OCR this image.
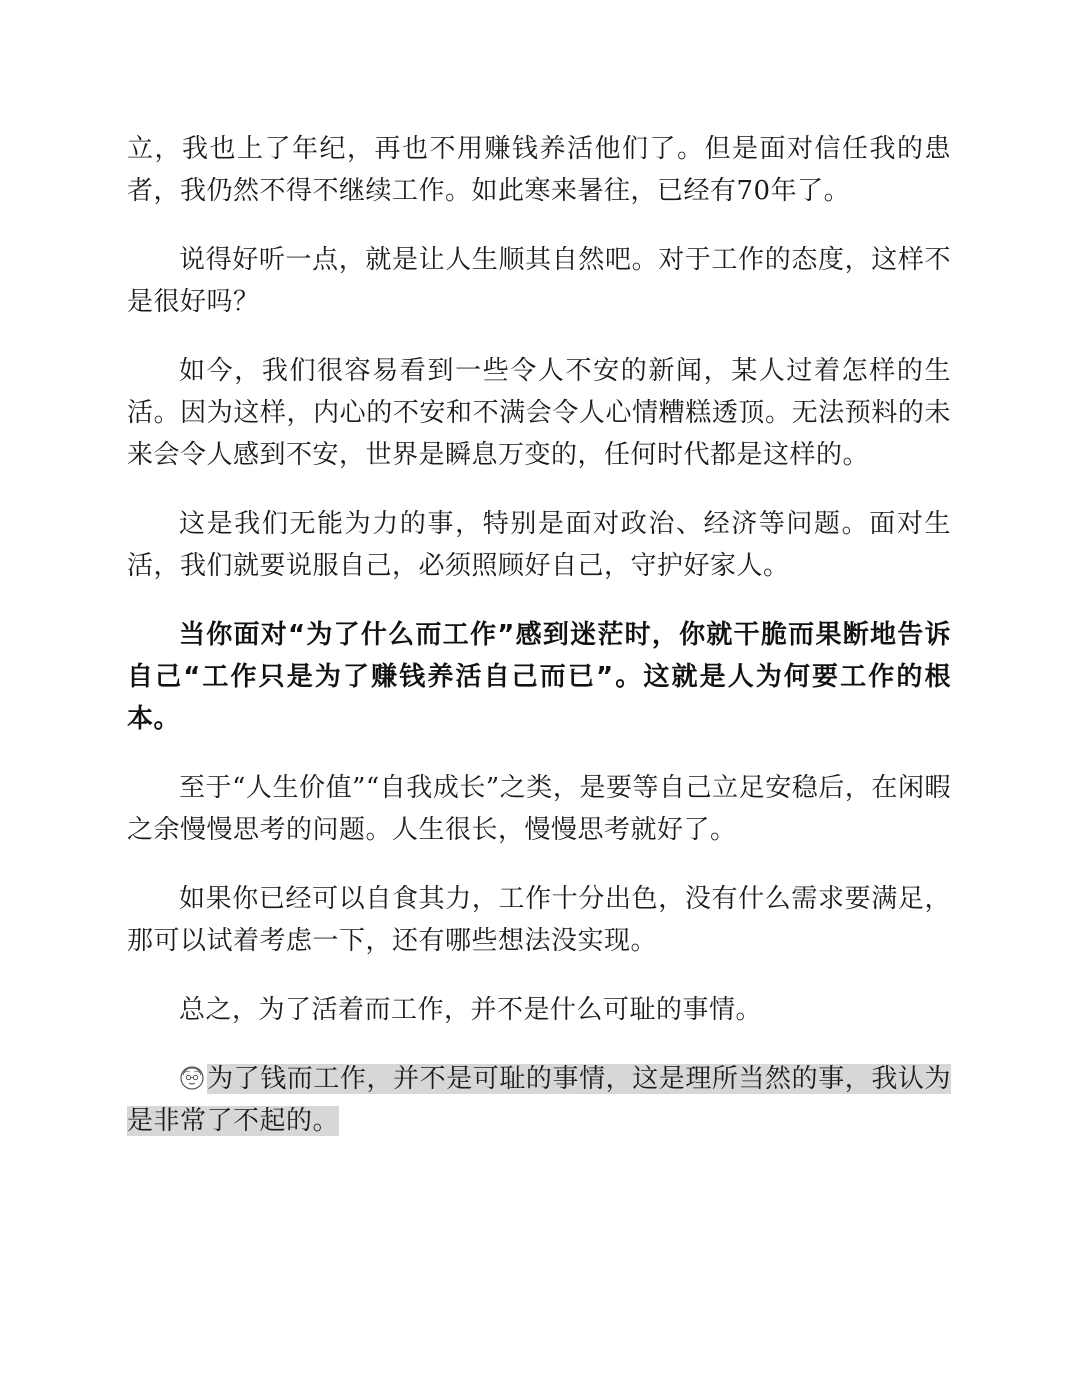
立，我也上了年纪，再也不用赚钱养活他们了。但是面对信任我的患者，我仍然不得不继续工作。如此寒来暑往，已经有70年了。

说得好听一点，就是让人生顺其自然吧。对于工作的态度，这样不是很好吗？

如今，我们很容易看到一些令人不安的新闻，某人过着怎样的生活。因为这样，内心的不安和不满会令人心情糟糕透顶。无法预料的未来会令人感到不安，世界是瞬息万变的，任何时代都是这样的。

这是我们无能为力的事，特别是面对政治、经济等问题。面对生活，我们就要说服自己，必须照顾好自己，守护好家人。

当你面对“为了什么而工作”感到迷茫时，你就干脆而果断地告诉自己“工作只是为了赚钱养活自己而已”。这就是人为何要工作的根本。

至于“人生价值”“自我成长”之类，是要等自己立足安稳后，在闲暇之余慢慢思考的问题。人生很长，慢慢思考就好了。

如果你已经可以自食其力，工作十分出色，没有什么需求要满足，那可以试着考虑一下，还有哪些想法没实现。

总之，为了活着而工作，并不是什么可耻的事情。

为了钱而工作，并不是可耻的事情，这是理所当然的事，我认为是非常了不起的。
